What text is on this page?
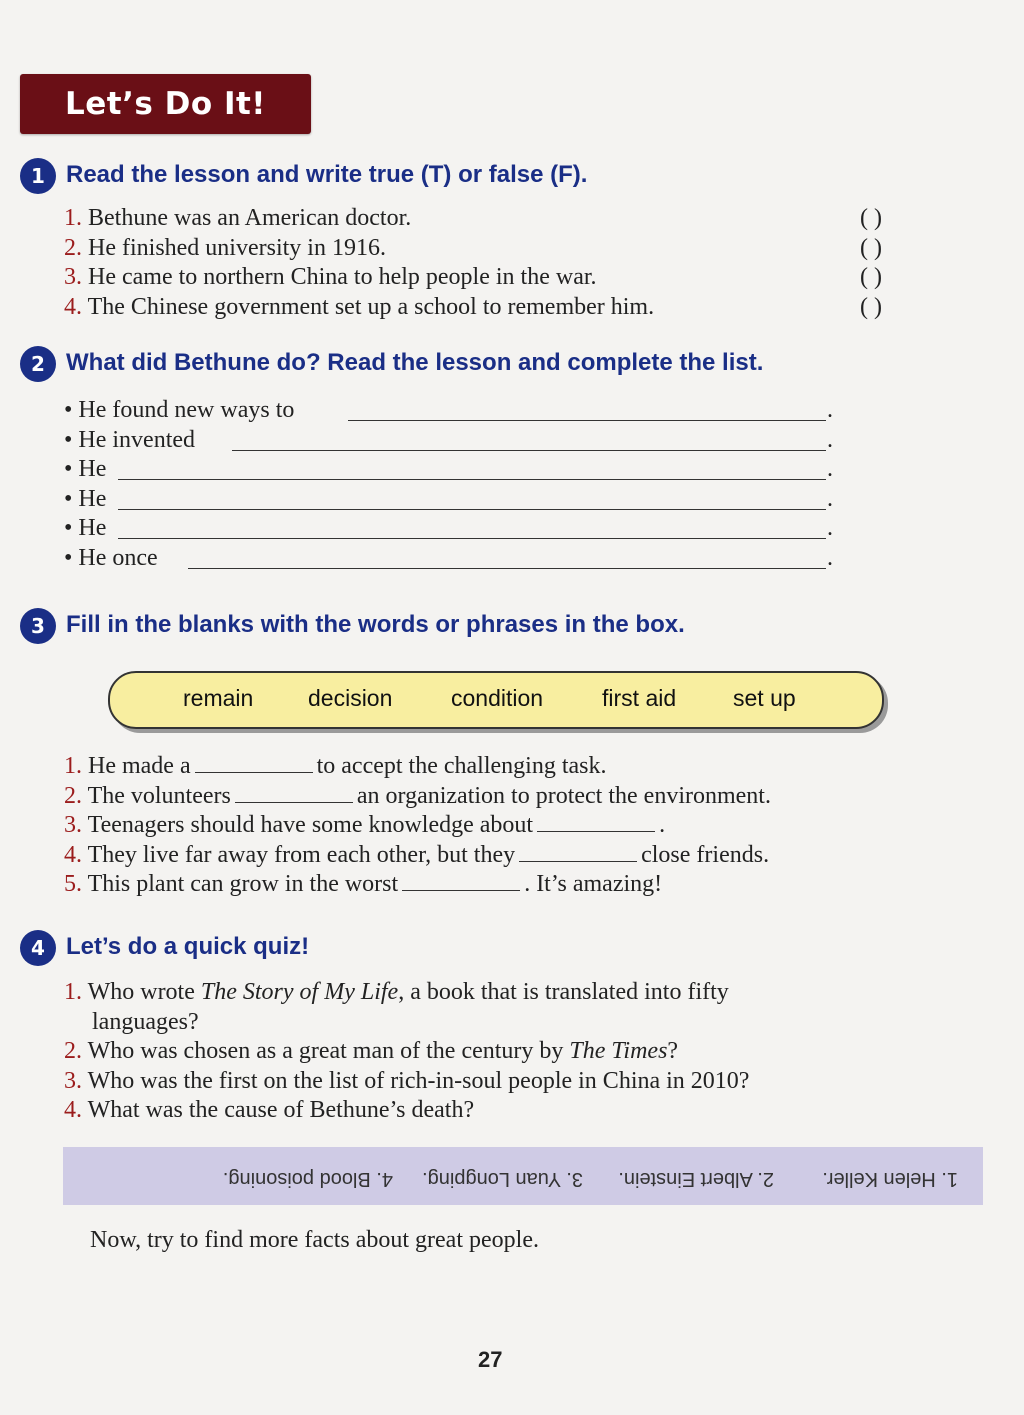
Let’s Do It!
1 Read the lesson and write true (T) or false (F).
1. Bethune was an American doctor.	( )
2. He finished university in 1916.	( )
3. He came to northern China to help people in the war.	( )
4. The Chinese government set up a school to remember him.	( )
2 What did Bethune do? Read the lesson and complete the list.
• He found new ways to	.
• He invented	.
• He	.
• He	.
• He	.
• He once	.
3 Fill in the blanks with the words or phrases in the box.
remain decision	condition	first aid set up
1. He made a	to accept the challenging task.
2. The volunteers	an organization to protect the environment.
3. Teenagers should have some knowledge about	.
4. They live far away from each other, but they	close friends.
5. This plant can grow in the worst	. It’s amazing!
4 Let’s do a quick quiz!
1. Who wrote The Story of My Life, a book that is translated into fifty
languages?
2. Who was chosen as a great man of the century by The Times?
3. Who was the first on the list of rich-in-soul people in China in 2010?
4. What was the cause of Bethune’s death?
1. Helen Keller.
2. Albert Einstein.
3. Yuan Longping.
4. Blood poisoning.
Now, try to find more facts about great people.
27
